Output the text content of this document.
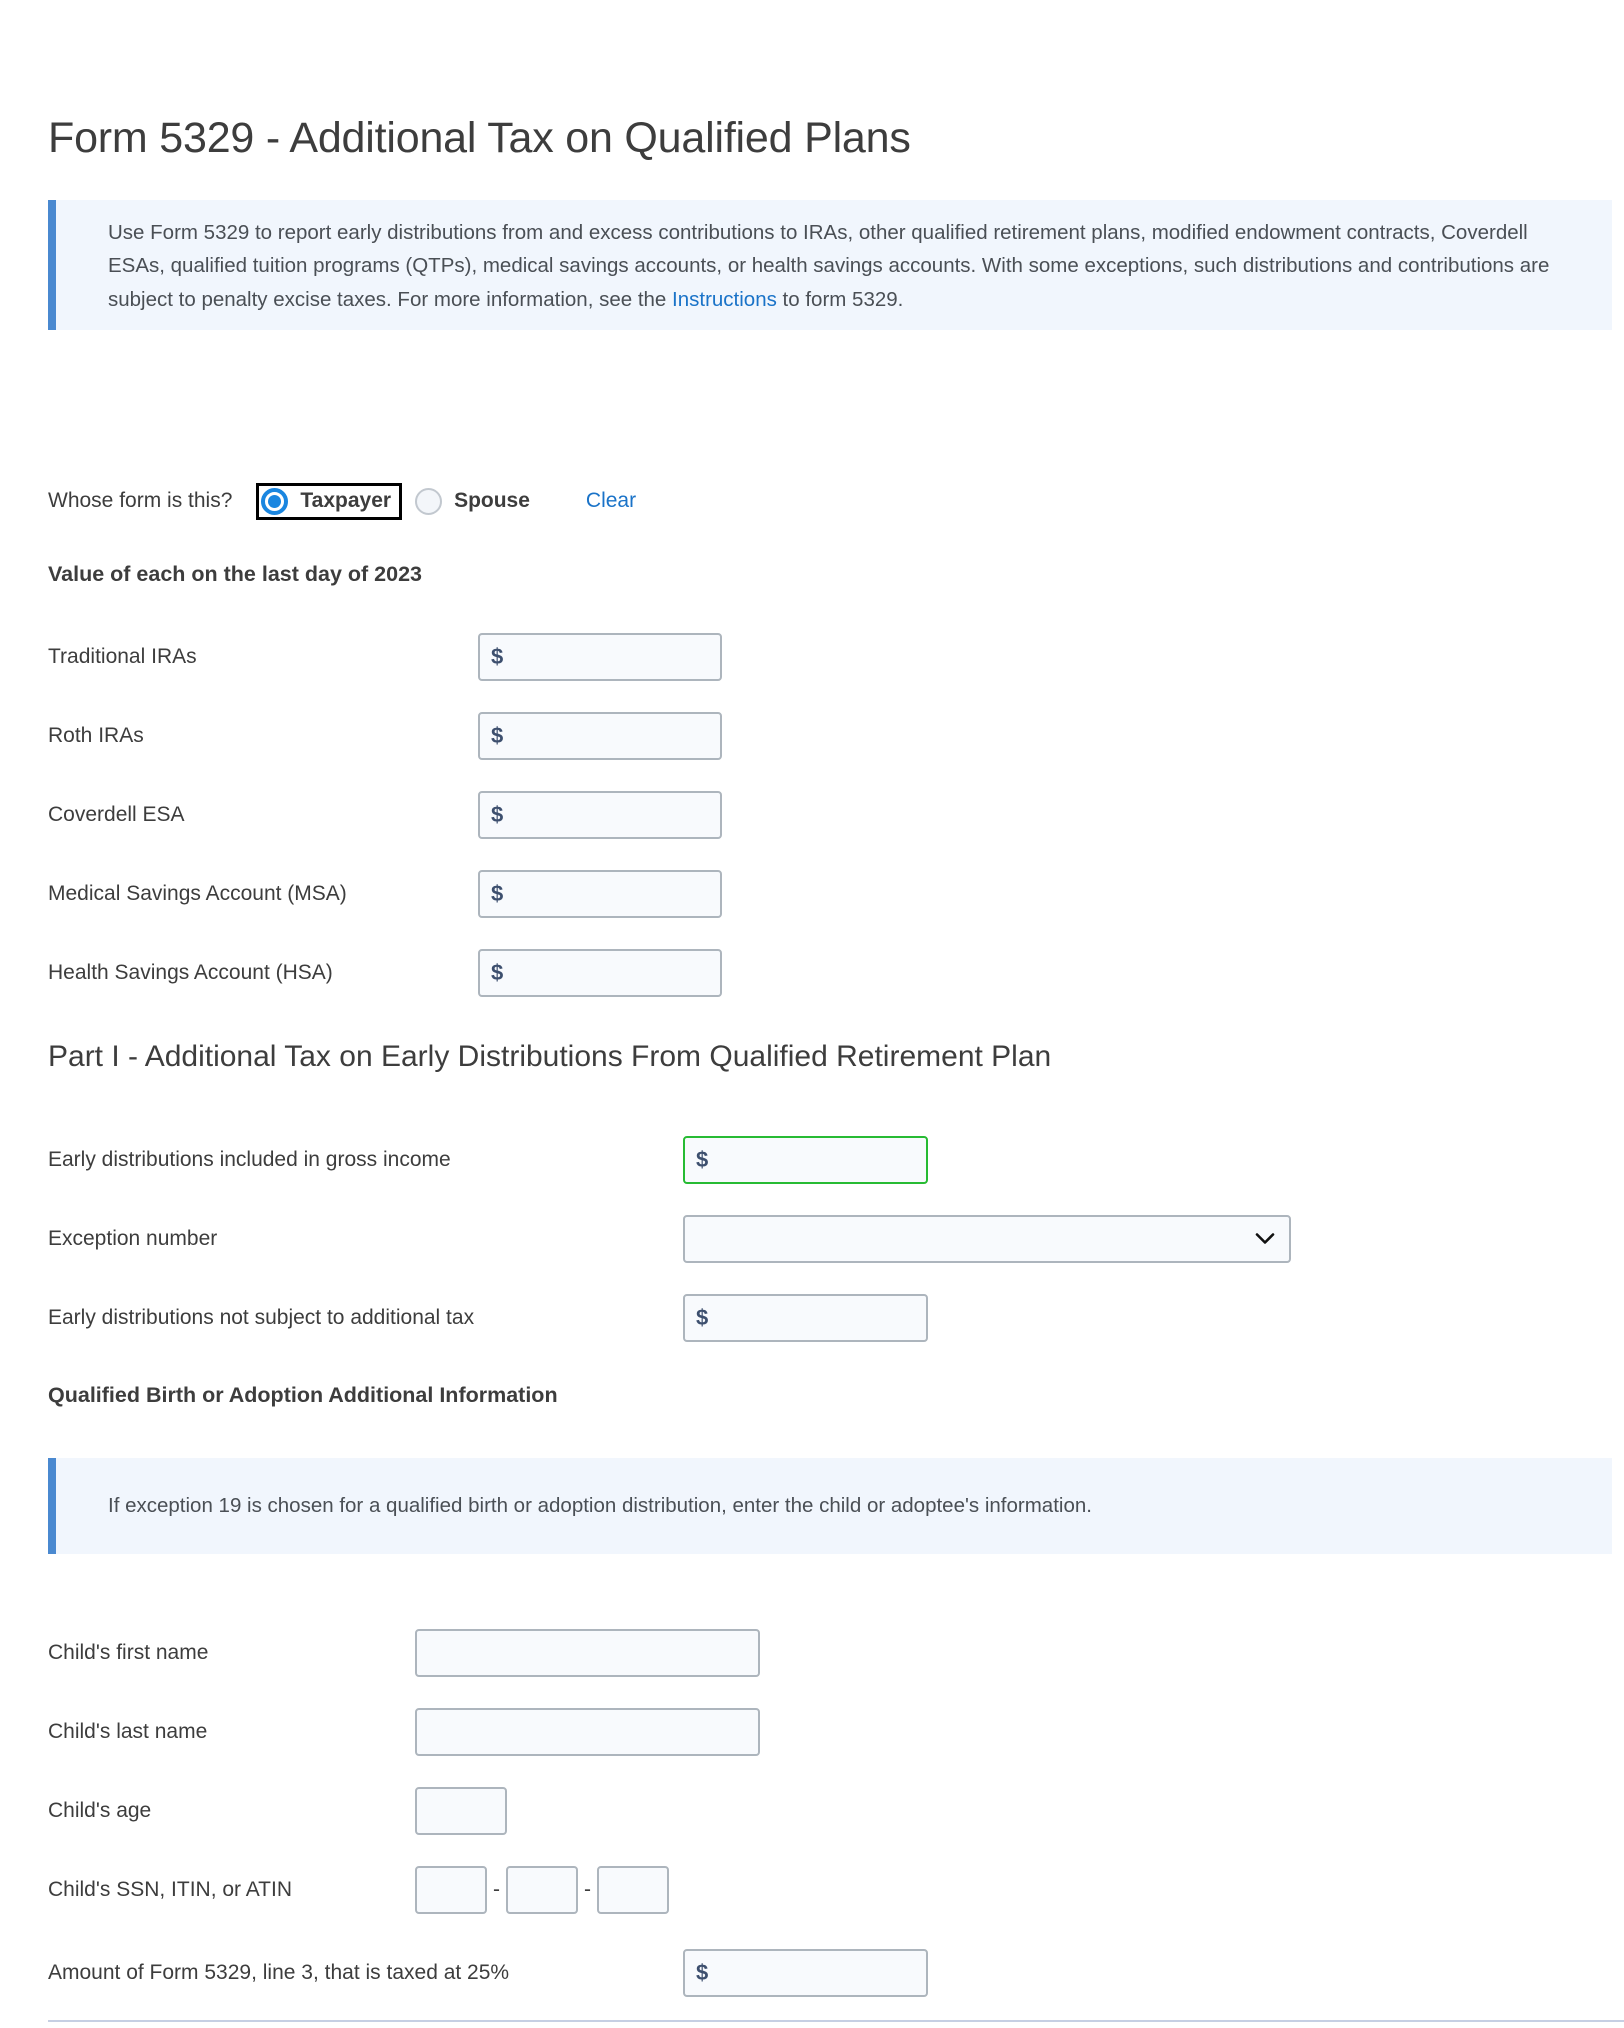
Form 5329 - Additional Tax on Qualified Plans
Use Form 5329 to report early distributions from and excess contributions to IRAs, other qualified retirement plans, modified endowment contracts, Coverdell ESAs, qualified tuition programs (QTPs), medical savings accounts, or health savings accounts. With some exceptions, such distributions and contributions are subject to penalty excise taxes. For more information, see the Instructions to form 5329.
Whose form is this?	Taxpayer	Spouse	Clear
Value of each on the last day of 2023
Traditional IRAs	$
Roth IRAs	$
Coverdell ESA	$
Medical Savings Account (MSA)	$
Health Savings Account (HSA)	$
Part I - Additional Tax on Early Distributions From Qualified Retirement Plan
Early distributions included in gross income	$
Exception number
Early distributions not subject to additional tax	$
Qualified Birth or Adoption Additional Information
If exception 19 is chosen for a qualified birth or adoption distribution, enter the child or adoptee's information.
Child's first name
Child's last name
Child's age
Child's SSN, ITIN, or ATIN	-	-
Amount of Form 5329, line 3, that is taxed at 25%	$
